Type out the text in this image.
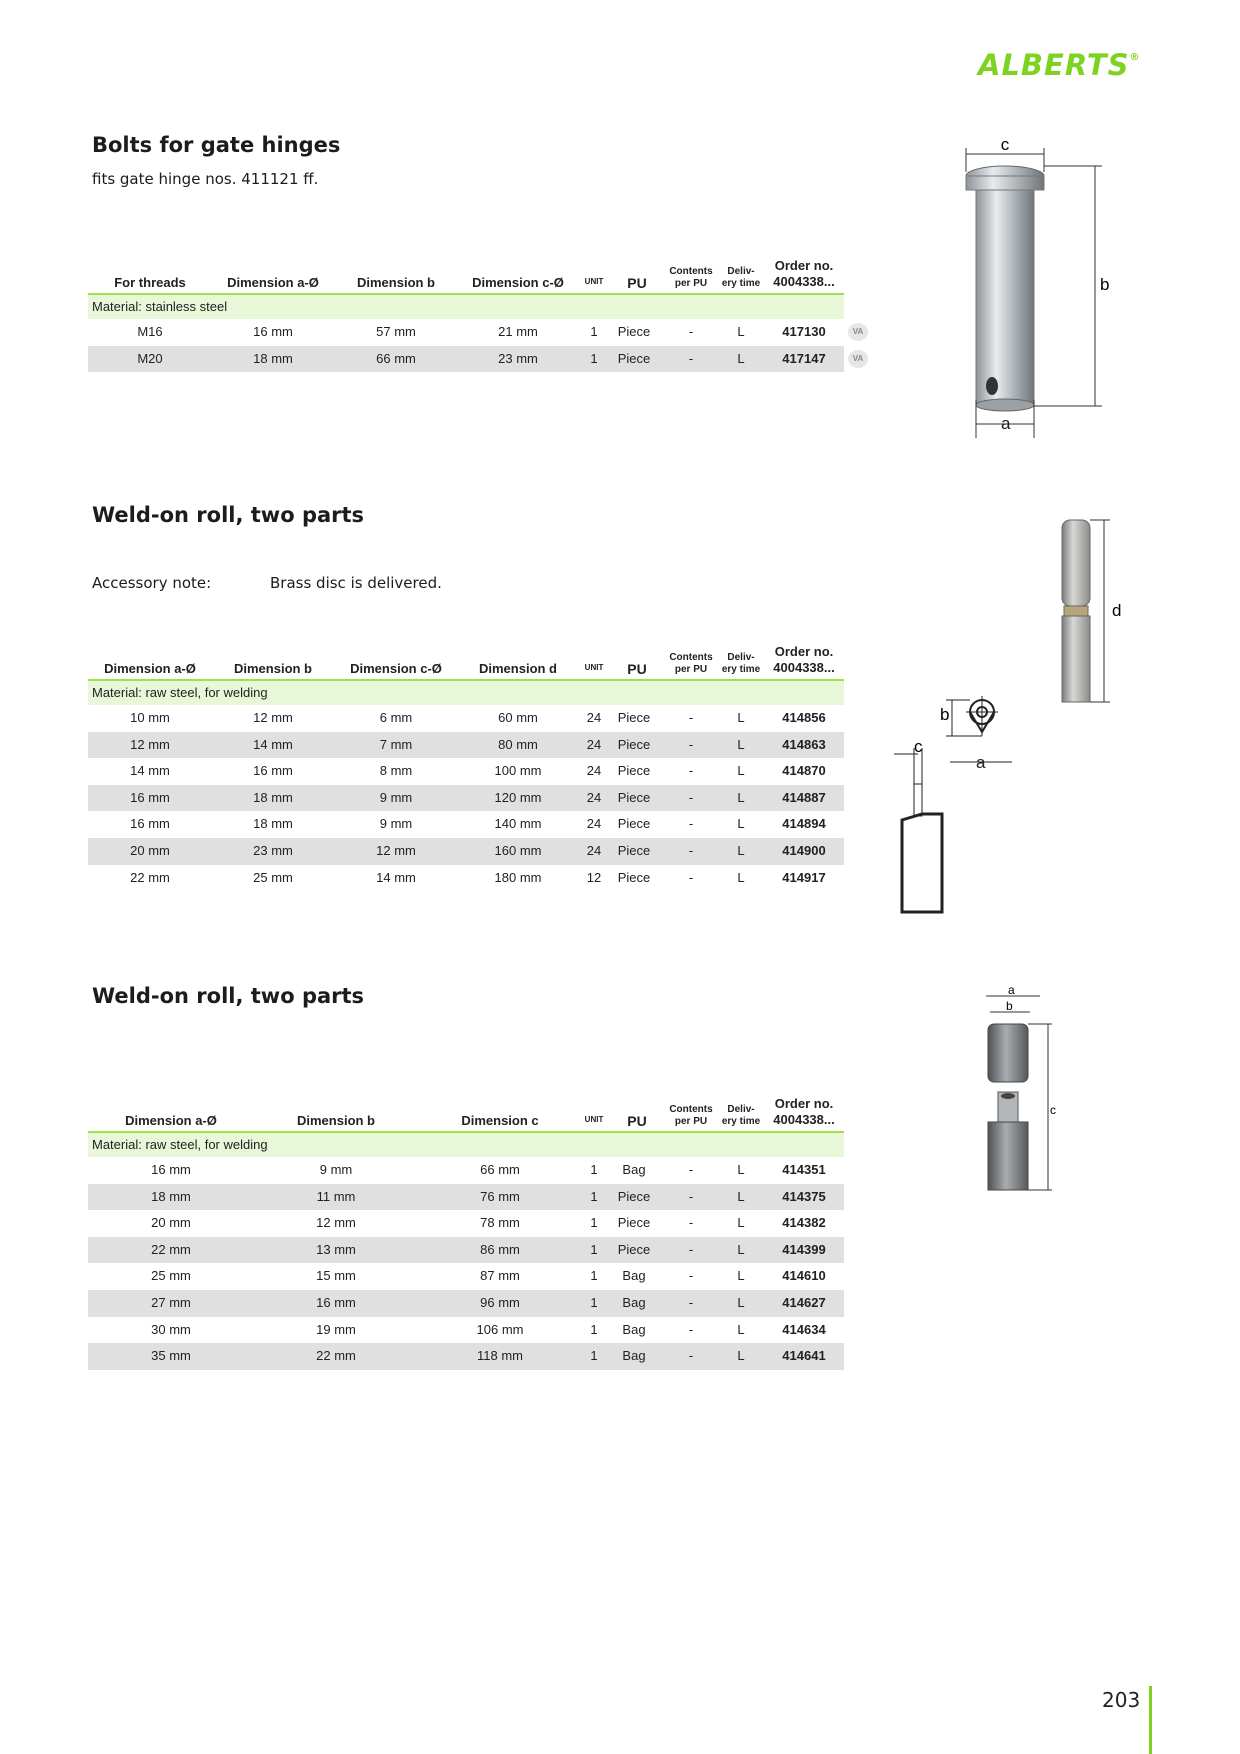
ALBERTS®
Bolts for gate hinges
fits gate hinge nos. 411121 ff.
For threads	Dimension a-Ø	Dimension b	Dimension c-Ø	UNIT PU
Contents
per PU
Deliv-
ery time
Order no.
4004338...
Material: stainless steel
M16	16 mm	57 mm	21 mm	1 Piece	-	L	417130	VA
M20	18 mm	66 mm	23 mm	1 Piece	-	L	417147	VA
Weld-on roll, two parts
Accessory note:	Brass disc is delivered.
Dimension a-Ø	Dimension b	Dimension c-Ø	Dimension d	UNIT PU
Contents
per PU
Deliv-
ery time
Order no.
4004338...
Material: raw steel, for welding
10 mm	12 mm	6 mm	60 mm	24 Piece	-	L	414856
12 mm	14 mm	7 mm	80 mm	24 Piece	-	L	414863
14 mm	16 mm	8 mm	100 mm	24 Piece	-	L	414870
16 mm	18 mm	9 mm	120 mm	24 Piece	-	L	414887
16 mm	18 mm	9 mm	140 mm	24 Piece	-	L	414894
20 mm	23 mm	12 mm	160 mm	24 Piece	-	L	414900
22 mm	25 mm	14 mm	180 mm	12 Piece	-	L	414917
Weld-on roll, two parts
Dimension a-Ø	Dimension b	Dimension c	UNIT PU
Contents
per PU
Deliv-
ery time
Order no.
4004338...
Material: raw steel, for welding
16 mm	9 mm	66 mm	1 Bag	-	L	414351
18 mm	11 mm	76 mm	1 Piece	-	L	414375
20 mm	12 mm	78 mm	1 Piece	-	L	414382
22 mm	13 mm	86 mm	1 Piece	-	L	414399
25 mm	15 mm	87 mm	1 Bag	-	L	414610
27 mm	16 mm	96 mm	1 Bag	-	L	414627
30 mm	19 mm	106 mm	1 Bag	-	L	414634
35 mm	22 mm	118 mm	1 Bag	-	L	414641
c
b
a
d
b
a
c
a
b
c
203
